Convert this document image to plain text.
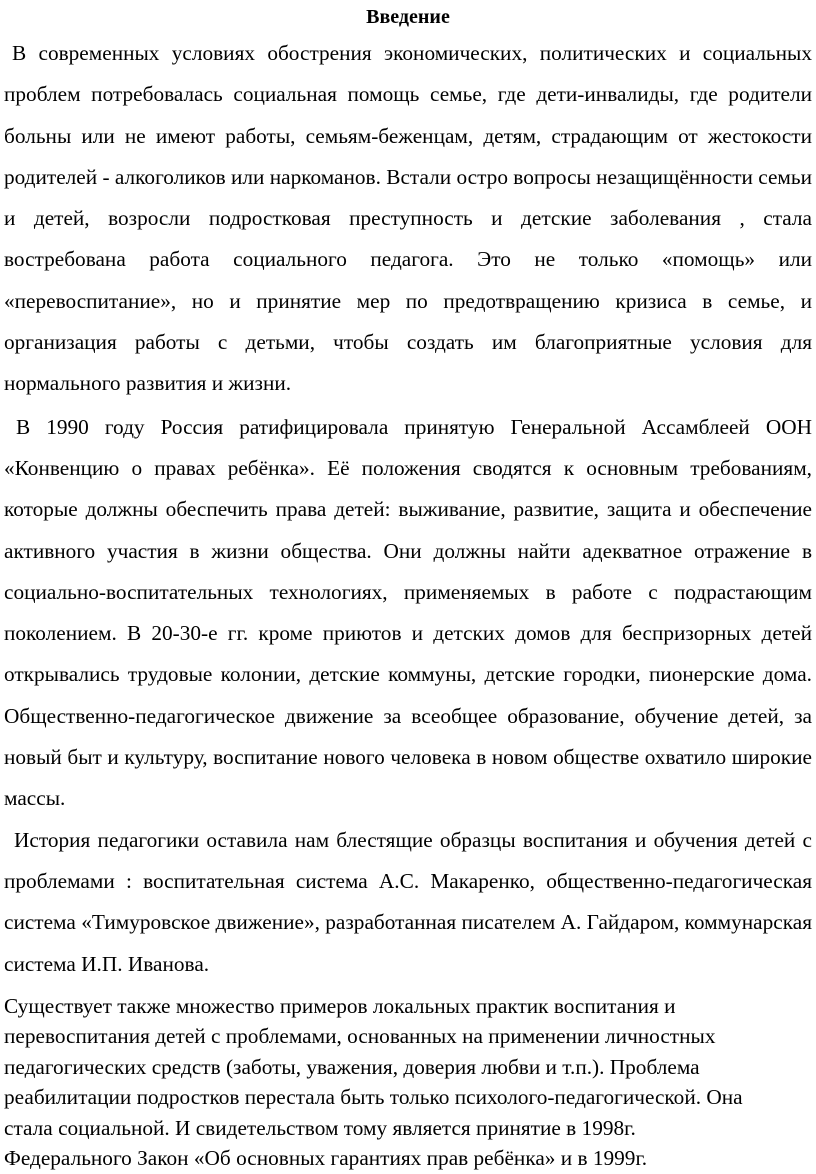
Введение

В современных условиях обострения экономических, политических и социальных проблем потребовалась социальная помощь семье, где дети-инвалиды, где родители больны или не имеют работы, семьям-беженцам, детям, страдающим от жестокости родителей - алкоголиков или наркоманов. Встали остро вопросы незащищённости семьи и детей, возросли подростковая преступность и детские заболевания , стала востребована работа социального педагога. Это не только «помощь» или «перевоспитание», но и принятие мер по предотвращению кризиса в семье, и организация работы с детьми, чтобы создать им благоприятные условия для нормального развития и жизни.

В 1990 году Россия ратифицировала принятую Генеральной Ассамблеей ООН «Конвенцию о правах ребёнка». Её положения сводятся к основным требованиям, которые должны обеспечить права детей: выживание, развитие, защита и обеспечение активного участия в жизни общества. Они должны найти адекватное отражение в социально-воспитательных технологиях, применяемых в работе с подрастающим поколением. В 20-30-е гг. кроме приютов и детских домов для беспризорных детей открывались трудовые колонии, детские коммуны, детские городки, пионерские дома. Общественно-педагогическое движение за всеобщее образование, обучение детей, за новый быт и культуру, воспитание нового человека в новом обществе охватило широкие массы.

История педагогики оставила нам блестящие образцы воспитания и обучения детей с проблемами : воспитательная система А.С. Макаренко, общественно-педагогическая система «Тимуровское движение», разработанная писателем А. Гайдаром, коммунарская система И.П. Иванова.

Существует также множество примеров локальных практик воспитания и
перевоспитания детей с проблемами, основанных на применении личностных
педагогических средств (заботы, уважения, доверия любви и т.п.). Проблема
реабилитации подростков перестала быть только психолого-педагогической. Она
стала социальной. И свидетельством тому является принятие в 1998г.
Федерального Закон «Об основных гарантиях прав ребёнка» и в 1999г.
